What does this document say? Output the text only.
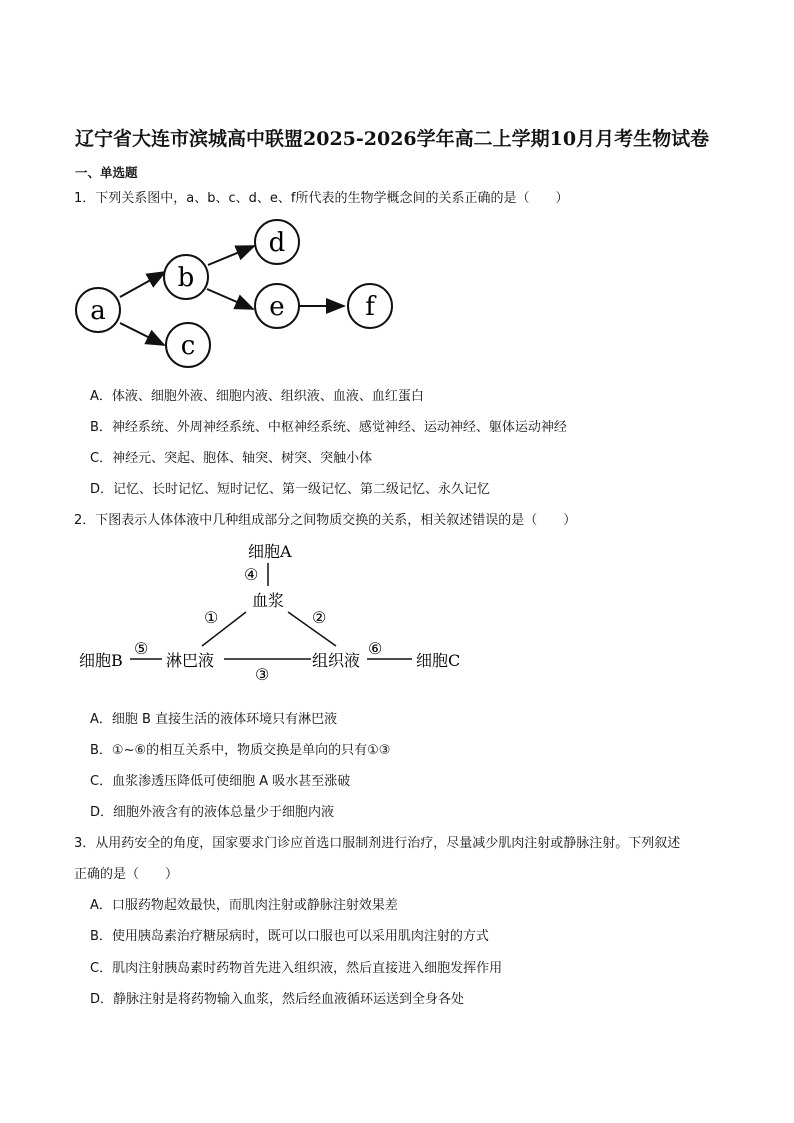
辽宁省大连市滨城高中联盟2025-2026学年高二上学期10月月考生物试卷
一、单选题
1．下列关系图中，a、b、c、d、e、f所代表的生物学概念间的关系正确的是（　　）
a
b
c
d
e	f
A．体液、细胞外液、细胞内液、组织液、血液、血红蛋白
B．神经系统、外周神经系统、中枢神经系统、感觉神经、运动神经、躯体运动神经
C．神经元、突起、胞体、轴突、树突、突触小体
D．记忆、长时记忆、短时记忆、第一级记忆、第二级记忆、永久记忆
2．下图表示人体体液中几种组成部分之间物质交换的关系，相关叙述错误的是（　　）
细胞A
④
血浆
①	②
⑤	⑥
细胞B	淋巴液	组织液	细胞C
③
A．细胞 B 直接生活的液体环境只有淋巴液
B．①~⑥的相互关系中，物质交换是单向的只有①③
C．血浆渗透压降低可使细胞 A 吸水甚至涨破
D．细胞外液含有的液体总量少于细胞内液
3．从用药安全的角度，国家要求门诊应首选口服制剂进行治疗，尽量减少肌肉注射或静脉注射。下列叙述
正确的是（　　）
A．口服药物起效最快，而肌肉注射或静脉注射效果差
B．使用胰岛素治疗糖尿病时，既可以口服也可以采用肌肉注射的方式
C．肌肉注射胰岛素时药物首先进入组织液，然后直接进入细胞发挥作用
D．静脉注射是将药物输入血浆，然后经血液循环运送到全身各处
